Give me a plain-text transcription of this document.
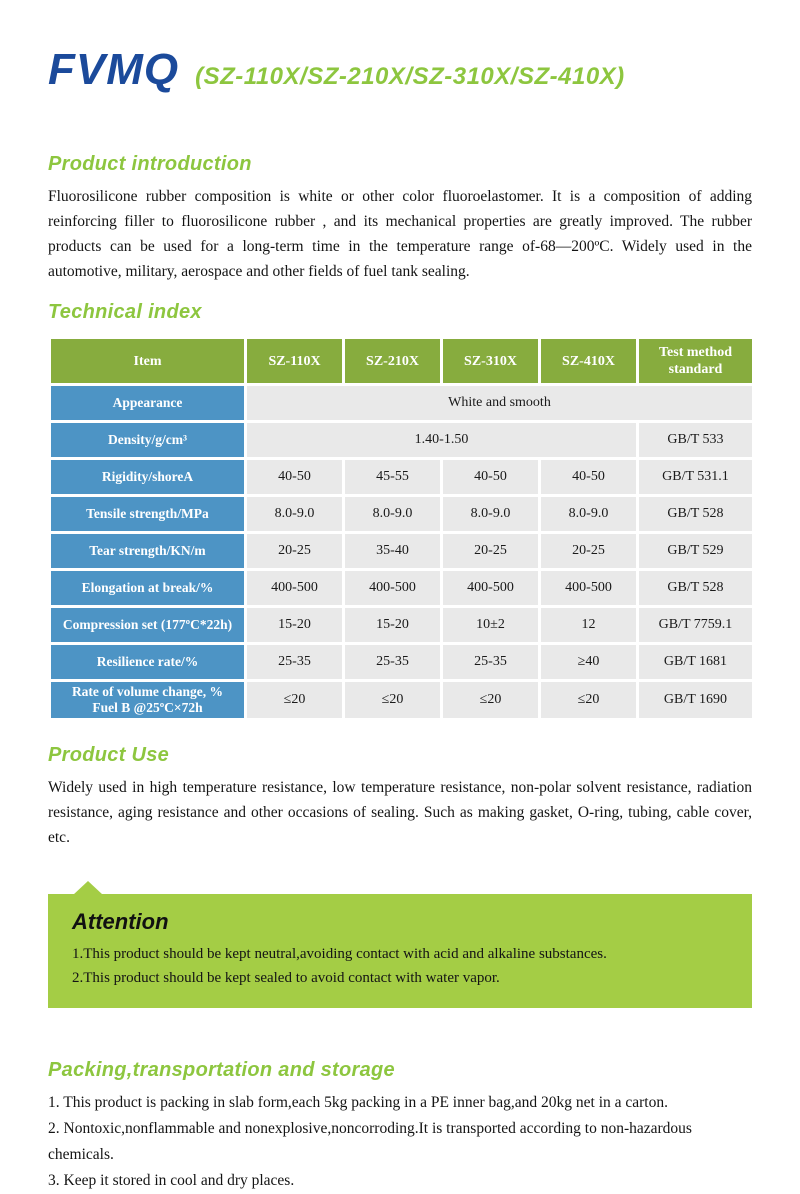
FVMQ (SZ-110X/SZ-210X/SZ-310X/SZ-410X)
Product introduction
Fluorosilicone rubber composition is white or other color fluoroelastomer. It is a composition of adding reinforcing filler to fluorosilicone rubber , and its mechanical properties are greatly improved. The rubber products can be used for a long-term time in the temperature range of-68—200ºC. Widely used in the automotive, military, aerospace and other fields of fuel tank sealing.
Technical index
Item	SZ-110X	SZ-210X	SZ-310X	SZ-410X	Test method standard
Appearance	White and smooth				
Density/g/cm³	1.40-1.50				GB/T 533
Rigidity/shoreA	40-50	45-55	40-50	40-50	GB/T 531.1
Tensile strength/MPa	8.0-9.0	8.0-9.0	8.0-9.0	8.0-9.0	GB/T 528
Tear strength/KN/m	20-25	35-40	20-25	20-25	GB/T 529
Elongation at break/%	400-500	400-500	400-500	400-500	GB/T 528
Compression set (177ºC*22h)	15-20	15-20	10±2	12	GB/T 7759.1
Resilience rate/%	25-35	25-35	25-35	≥40	GB/T 1681
Rate of volume change, %
Fuel B @25ºC×72h	≤20	≤20	≤20	≤20	GB/T 1690
Product Use
Widely used in high temperature resistance, low temperature resistance, non-polar solvent resistance, radiation resistance, aging resistance and other occasions of sealing. Such as making gasket, O-ring, tubing, cable cover, etc.
Attention
1.This product should be kept neutral,avoiding contact with acid and alkaline substances.
2.This product should be kept sealed to avoid contact with water vapor.
Packing,transportation and storage
1. This product is packing in slab form,each 5kg packing in a PE inner bag,and 20kg net in a carton.
2. Nontoxic,nonflammable and nonexplosive,noncorroding.It is transported according to non-hazardous chemicals.
3. Keep it stored in cool and dry places.
